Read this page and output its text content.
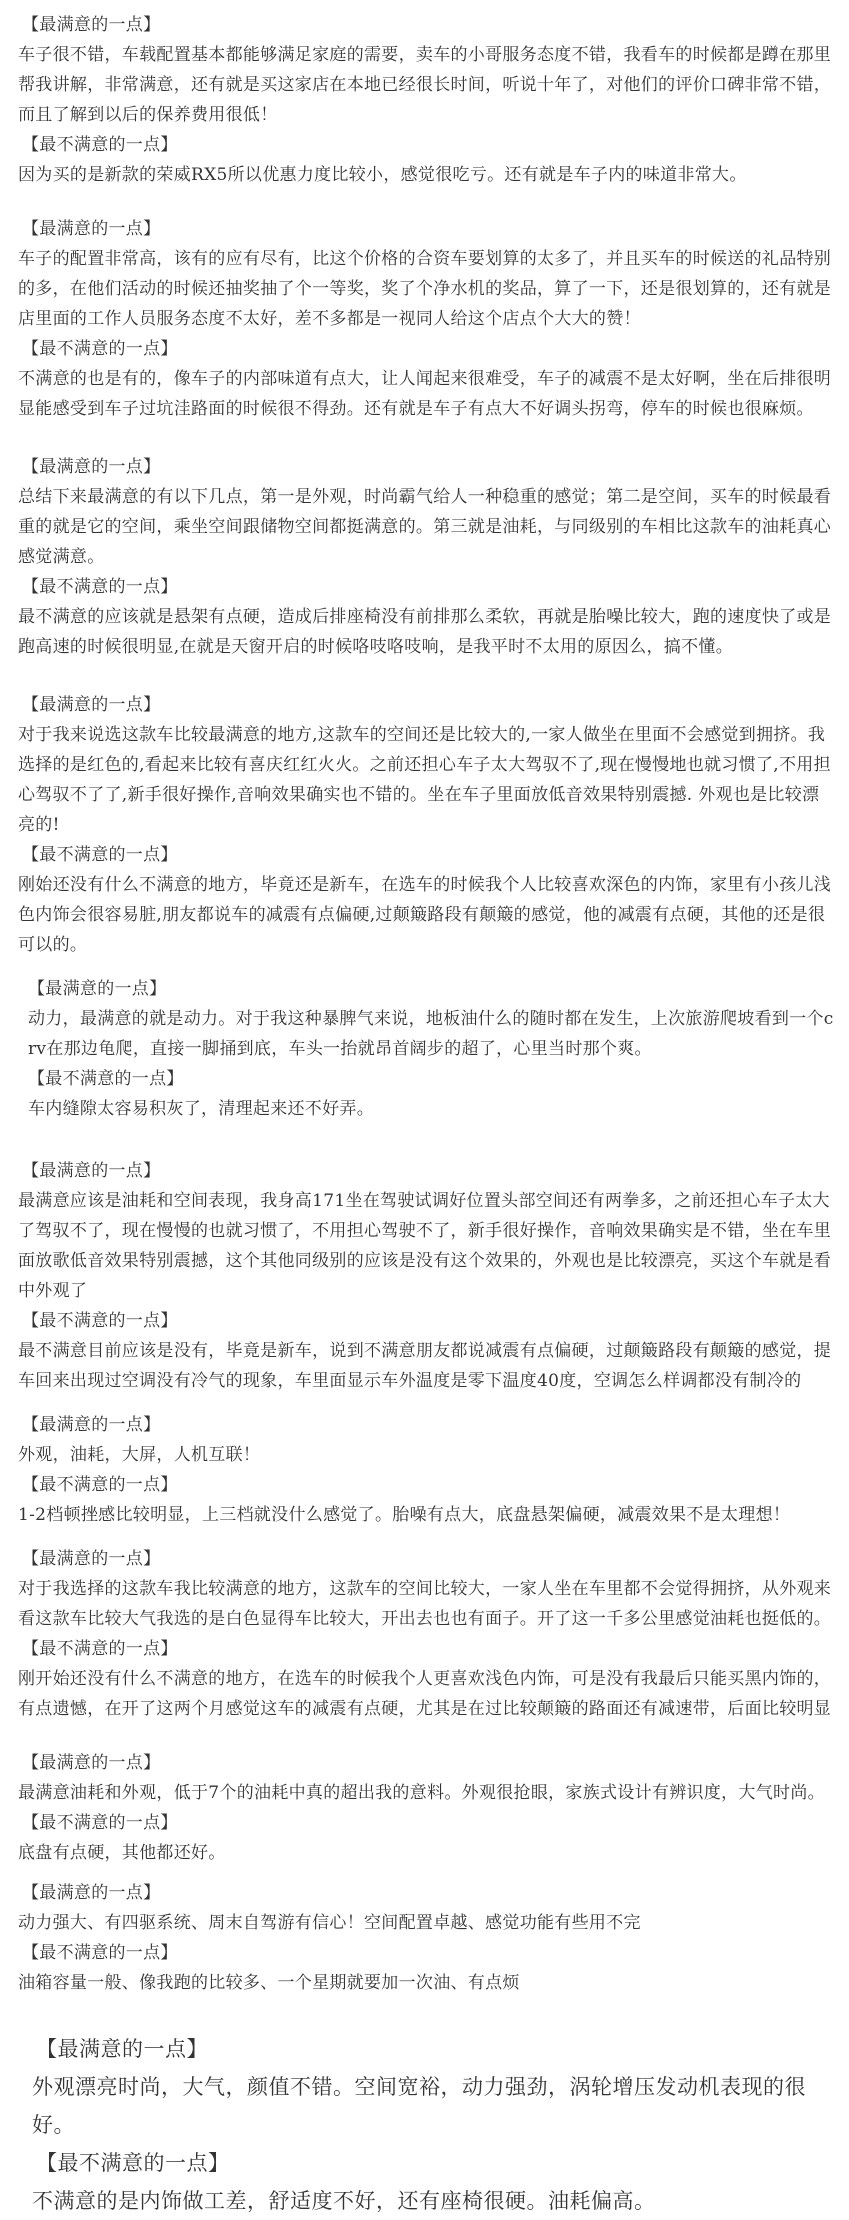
【最满意的一点】

车子很不错，车载配置基本都能够满足家庭的需要，卖车的小哥服务态度不错，我看车的时候都是蹲在那里帮我讲解，非常满意，还有就是买这家店在本地已经很长时间，听说十年了，对他们的评价口碑非常不错，而且了解到以后的保养费用很低！

【最不满意的一点】

因为买的是新款的荣威RX5所以优惠力度比较小，感觉很吃亏。还有就是车子内的味道非常大。

【最满意的一点】

车子的配置非常高，该有的应有尽有，比这个价格的合资车要划算的太多了，并且买车的时候送的礼品特别的多，在他们活动的时候还抽奖抽了个一等奖，奖了个净水机的奖品，算了一下，还是很划算的，还有就是店里面的工作人员服务态度不太好，差不多都是一视同人给这个店点个大大的赞！

【最不满意的一点】

不满意的也是有的，像车子的内部味道有点大，让人闻起来很难受，车子的减震不是太好啊，坐在后排很明显能感受到车子过坑洼路面的时候很不得劲。还有就是车子有点大不好调头拐弯，停车的时候也很麻烦。

【最满意的一点】

总结下来最满意的有以下几点，第一是外观，时尚霸气给人一种稳重的感觉；第二是空间，买车的时候最看重的就是它的空间，乘坐空间跟储物空间都挺满意的。第三就是油耗，与同级别的车相比这款车的油耗真心感觉满意。

【最不满意的一点】

最不满意的应该就是悬架有点硬，造成后排座椅没有前排那么柔软，再就是胎噪比较大，跑的速度快了或是跑高速的时候很明显,在就是天窗开启的时候咯吱咯吱响，是我平时不太用的原因么，搞不懂。

【最满意的一点】

对于我来说选这款车比较最满意的地方,这款车的空间还是比较大的,一家人做坐在里面不会感觉到拥挤。我选择的是红色的,看起来比较有喜庆红红火火。之前还担心车子太大驾驭不了,现在慢慢地也就习惯了,不用担心驾驭不了了,新手很好操作,音响效果确实也不错的。坐在车子里面放低音效果特别震撼. 外观也是比较漂亮的!

【最不满意的一点】

刚始还没有什么不满意的地方，毕竟还是新车，在选车的时候我个人比较喜欢深色的内饰，家里有小孩儿浅色内饰会很容易脏,朋友都说车的减震有点偏硬,过颠簸路段有颠簸的感觉，他的减震有点硬，其他的还是很可以的。

【最满意的一点】

动力，最满意的就是动力。对于我这种暴脾气来说，地板油什么的随时都在发生，上次旅游爬坡看到一个crv在那边龟爬，直接一脚捅到底，车头一抬就昂首阔步的超了，心里当时那个爽。

【最不满意的一点】

车内缝隙太容易积灰了，清理起来还不好弄。

【最满意的一点】

最满意应该是油耗和空间表现，我身高171坐在驾驶试调好位置头部空间还有两拳多，之前还担心车子太大了驾驭不了，现在慢慢的也就习惯了，不用担心驾驶不了，新手很好操作，音响效果确实是不错，坐在车里面放歌低音效果特别震撼，这个其他同级别的应该是没有这个效果的，外观也是比较漂亮，买这个车就是看中外观了

【最不满意的一点】

最不满意目前应该是没有，毕竟是新车，说到不满意朋友都说减震有点偏硬，过颠簸路段有颠簸的感觉，提车回来出现过空调没有冷气的现象，车里面显示车外温度是零下温度40度，空调怎么样调都没有制冷的

【最满意的一点】

外观，油耗，大屏，人机互联！

【最不满意的一点】

1-2档顿挫感比较明显，上三档就没什么感觉了。胎噪有点大，底盘悬架偏硬，减震效果不是太理想！

【最满意的一点】

对于我选择的这款车我比较满意的地方，这款车的空间比较大，一家人坐在车里都不会觉得拥挤，从外观来看这款车比较大气我选的是白色显得车比较大，开出去也也有面子。开了这一千多公里感觉油耗也挺低的。

【最不满意的一点】

刚开始还没有什么不满意的地方，在选车的时候我个人更喜欢浅色内饰，可是没有我最后只能买黑内饰的，有点遗憾，在开了这两个月感觉这车的减震有点硬，尤其是在过比较颠簸的路面还有减速带，后面比较明显

【最满意的一点】

最满意油耗和外观，低于7个的油耗中真的超出我的意料。外观很抢眼，家族式设计有辨识度，大气时尚。

【最不满意的一点】

底盘有点硬，其他都还好。

【最满意的一点】

动力强大、有四驱系统、周末自驾游有信心！空间配置卓越、感觉功能有些用不完

【最不满意的一点】

油箱容量一般、像我跑的比较多、一个星期就要加一次油、有点烦

【最满意的一点】

外观漂亮时尚，大气，颜值不错。空间宽裕，动力强劲，涡轮增压发动机表现的很好。

【最不满意的一点】

不满意的是内饰做工差，舒适度不好，还有座椅很硬。油耗偏高。
